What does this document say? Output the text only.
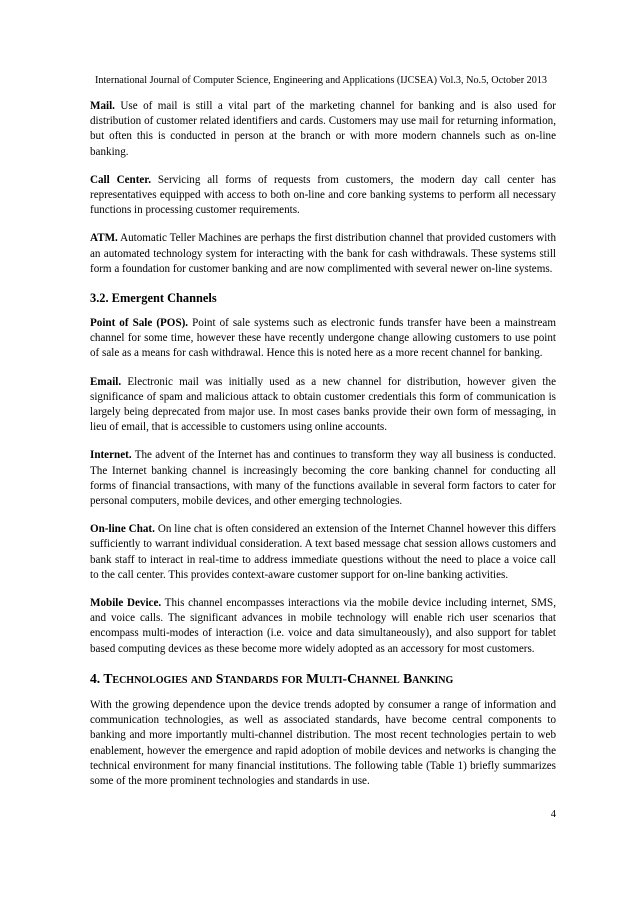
International Journal of Computer Science, Engineering and Applications (IJCSEA) Vol.3, No.5, October 2013

Mail. Use of mail is still a vital part of the marketing channel for banking and is also used for distribution of customer related identifiers and cards. Customers may use mail for returning information, but often this is conducted in person at the branch or with more modern channels such as on-line banking.

Call Center. Servicing all forms of requests from customers, the modern day call center has representatives equipped with access to both on-line and core banking systems to perform all necessary functions in processing customer requirements.

ATM. Automatic Teller Machines are perhaps the first distribution channel that provided customers with an automated technology system for interacting with the bank for cash withdrawals. These systems still form a foundation for customer banking and are now complimented with several newer on-line systems.

3.2. Emergent Channels

Point of Sale (POS). Point of sale systems such as electronic funds transfer have been a mainstream channel for some time, however these have recently undergone change allowing customers to use point of sale as a means for cash withdrawal. Hence this is noted here as a more recent channel for banking.

Email. Electronic mail was initially used as a new channel for distribution, however given the significance of spam and malicious attack to obtain customer credentials this form of communication is largely being deprecated from major use. In most cases banks provide their own form of messaging, in lieu of email, that is accessible to customers using online accounts.

Internet. The advent of the Internet has and continues to transform they way all business is conducted. The Internet banking channel is increasingly becoming the core banking channel for conducting all forms of financial transactions, with many of the functions available in several form factors to cater for personal computers, mobile devices, and other emerging technologies.

On-line Chat. On line chat is often considered an extension of the Internet Channel however this differs sufficiently to warrant individual consideration. A text based message chat session allows customers and bank staff to interact in real-time to address immediate questions without the need to place a voice call to the call center. This provides context-aware customer support for on-line banking activities.

Mobile Device. This channel encompasses interactions via the mobile device including internet, SMS, and voice calls. The significant advances in mobile technology will enable rich user scenarios that encompass multi-modes of interaction (i.e. voice and data simultaneously), and also support for tablet based computing devices as these become more widely adopted as an accessory for most customers.

4. Technologies and Standards for Multi-Channel Banking

With the growing dependence upon the device trends adopted by consumer a range of information and communication technologies, as well as associated standards, have become central components to banking and more importantly multi-channel distribution. The most recent technologies pertain to web enablement, however the emergence and rapid adoption of mobile devices and networks is changing the technical environment for many financial institutions. The following table (Table 1) briefly summarizes some of the more prominent technologies and standards in use.

4
